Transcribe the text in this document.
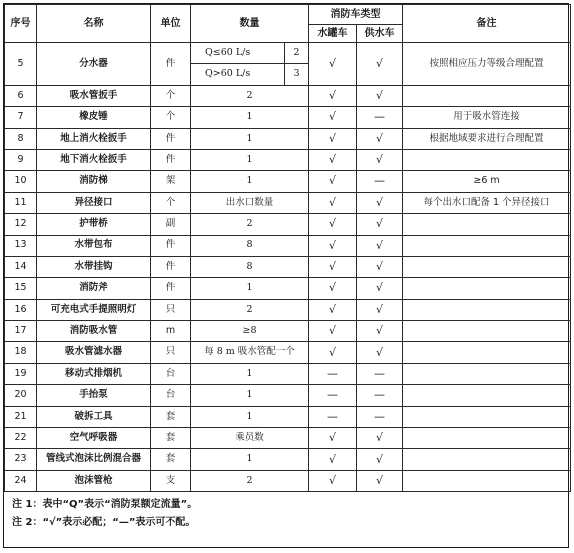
序号	名称	单位	数量		消防车类型		备注
					水罐车	供水车	
5	分水器	件	Q≤60 L/s	2	√	√	按照相应压力等级合理配置
			Q>60 L/s	3			
6	吸水管扳手	个	2		√	√	
7	橡皮锤	个	1		√	—	用于吸水管连接
8	地上消火栓扳手	件	1		√	√	根据地域要求进行合理配置
9	地下消火栓扳手	件	1		√	√	
10	消防梯	架	1		√	—	≥6 m
11	异径接口	个	出水口数量		√	√	每个出水口配备 1 个异径接口
12	护带桥	副	2		√	√	
13	水带包布	件	8		√	√	
14	水带挂钩	件	8		√	√	
15	消防斧	件	1		√	√	
16	可充电式手提照明灯	只	2		√	√	
17	消防吸水管	m	≥8		√	√	
18	吸水管滤水器	只	每 8 m 吸水管配一个		√	√	
19	移动式排烟机	台	1		—	—	
20	手抬泵	台	1		—	—	
21	破拆工具	套	1		—	—	
22	空气呼吸器	套	乘员数		√	√	
23	管线式泡沫比例混合器	套	1		√	√	
24	泡沫管枪	支	2		√	√	
注 1：表中“Q”表示“消防泵额定流量”。
注 2：“√”表示必配；“—”表示可不配。
